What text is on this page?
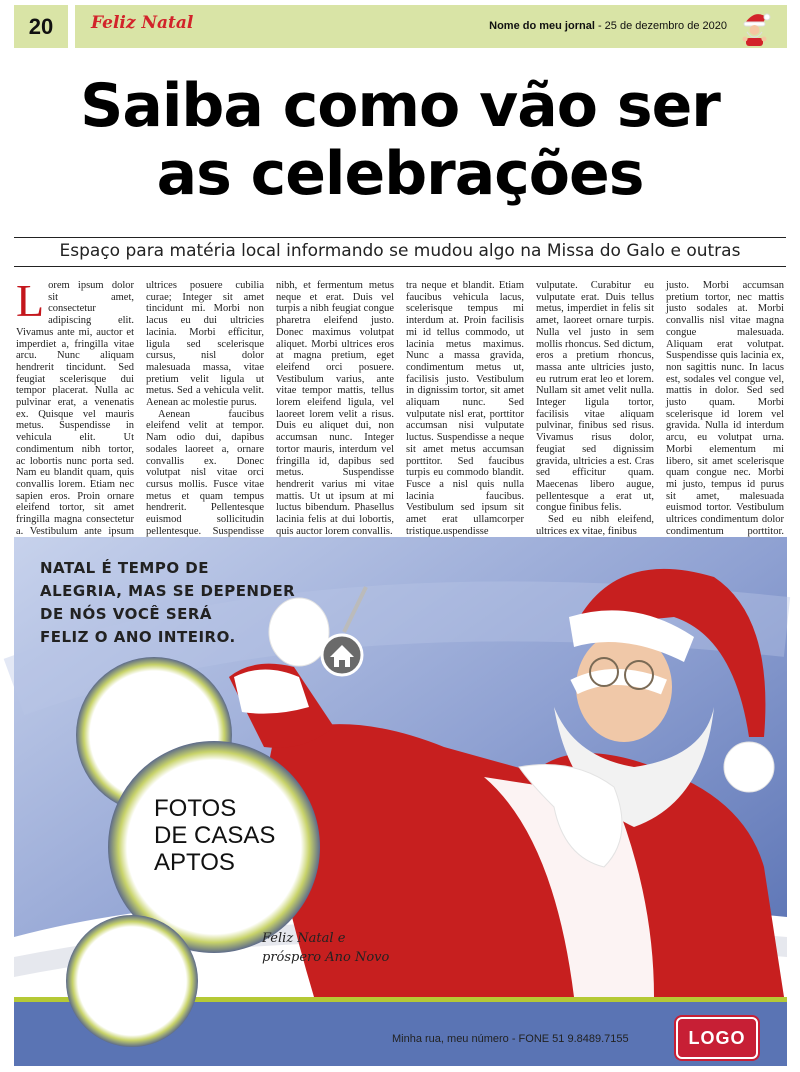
20	Feliz Natal	Nome do meu jornal - 25 de dezembro de 2020
Saiba como vão ser
as celebrações
Espaço para matéria local informando se mudou algo na Missa do Galo e outras

Lorem ipsum dolor sit amet, consectetur adipiscing elit. Vivamus ante mi, auctor et imperdiet a, fringilla vitae arcu. Nunc aliquam hendrerit tincidunt. Sed feugiat scelerisque dui tempor placerat. Nulla ac pulvinar erat, a venenatis ex. Quisque vel mauris metus. Suspendisse in vehicula elit. Ut condimentum nibh tortor, ac lobortis nunc porta sed. Nam eu blandit quam, quis convallis lorem. Etiam nec sapien eros. Proin ornare eleifend tortor, sit amet fringilla magna consectetur a. Vestibulum ante ipsum

ultrices posuere cubilia curae; Integer sit amet tincidunt mi. Morbi non lacus eu dui ultricies lacinia. Morbi efficitur, ligula sed scelerisque cursus, nisl dolor malesuada massa, vitae pretium velit ligula ut metus. Sed a vehicula velit. Aenean ac molestie purus.

Aenean faucibus eleifend velit at tempor. Nam odio dui, dapibus sodales laoreet a, ornare convallis ex. Donec volutpat nisl vitae orci cursus mollis. Fusce vitae metus et quam tempus hendrerit. Pellentesque euismod sollicitudin pellentesque. Suspendisse

nibh, et fermentum metus neque et erat. Duis vel turpis a nibh feugiat congue pharetra eleifend justo. Donec maximus volutpat aliquet. Morbi ultrices eros at magna pretium, eget eleifend orci posuere. Vestibulum varius, ante vitae tempor mattis, tellus lorem eleifend ligula, vel laoreet lorem velit a risus. Duis eu aliquet dui, non accumsan nunc. Integer tortor mauris, interdum vel fringilla id, dapibus sed metus. Suspendisse hendrerit varius mi vitae mattis. Ut ut ipsum at mi luctus bibendum. Phasellus lacinia felis at dui lobortis, quis auctor lorem convallis.

tra neque et blandit. Etiam faucibus vehicula lacus, scelerisque tempus mi interdum at. Proin facilisis mi id tellus commodo, ut lacinia metus maximus. Nunc a massa gravida, condimentum metus ut, facilisis justo. Vestibulum in dignissim tortor, sit amet aliquam nunc. Sed vulputate nisl erat, porttitor accumsan nisi vulputate luctus. Suspendisse a neque sit amet metus accumsan porttitor. Sed faucibus turpis eu commodo blandit. Fusce a nisl quis nulla lacinia faucibus. Vestibulum sed ipsum sit amet erat ullamcorper tristique.uspendisse

vulputate. Curabitur eu vulputate erat. Duis tellus metus, imperdiet in felis sit amet, laoreet ornare turpis. Nulla vel justo in sem mollis rhoncus. Sed dictum, eros a pretium rhoncus, massa ante ultricies justo, eu rutrum erat leo et lorem. Nullam sit amet velit nulla. Integer ligula tortor, facilisis vitae aliquam pulvinar, finibus sed risus. Vivamus risus dolor, feugiat sed dignissim gravida, ultricies a est. Cras sed efficitur quam. Maecenas libero augue, pellentesque a erat ut, congue finibus felis.

Sed eu nibh eleifend, ultrices ex vitae, finibus

justo. Morbi accumsan pretium tortor, nec mattis justo sodales at. Morbi convallis nisl vitae magna congue malesuada. Aliquam erat volutpat. Suspendisse quis lacinia ex, non sagittis nunc. In lacus est, sodales vel congue vel, mattis in dolor. Sed sed justo quam. Morbi scelerisque id lorem vel gravida. Nulla id interdum arcu, eu volutpat urna. Morbi elementum mi libero, sit amet scelerisque quam congue nec. Morbi mi justo, tempus id purus sit amet, malesuada euismod tortor. Vestibulum ultrices condimentum dolor condimentum porttitor.

NATAL É TEMPO DE
ALEGRIA, MAS SE DEPENDER
DE NÓS VOCÊ SERÁ
FELIZ O ANO INTEIRO.
FOTOS
DE CASAS
APTOS
Feliz Natal e
próspero Ano Novo
Minha rua, meu número - FONE 51 9.8489.7155	LOGO
